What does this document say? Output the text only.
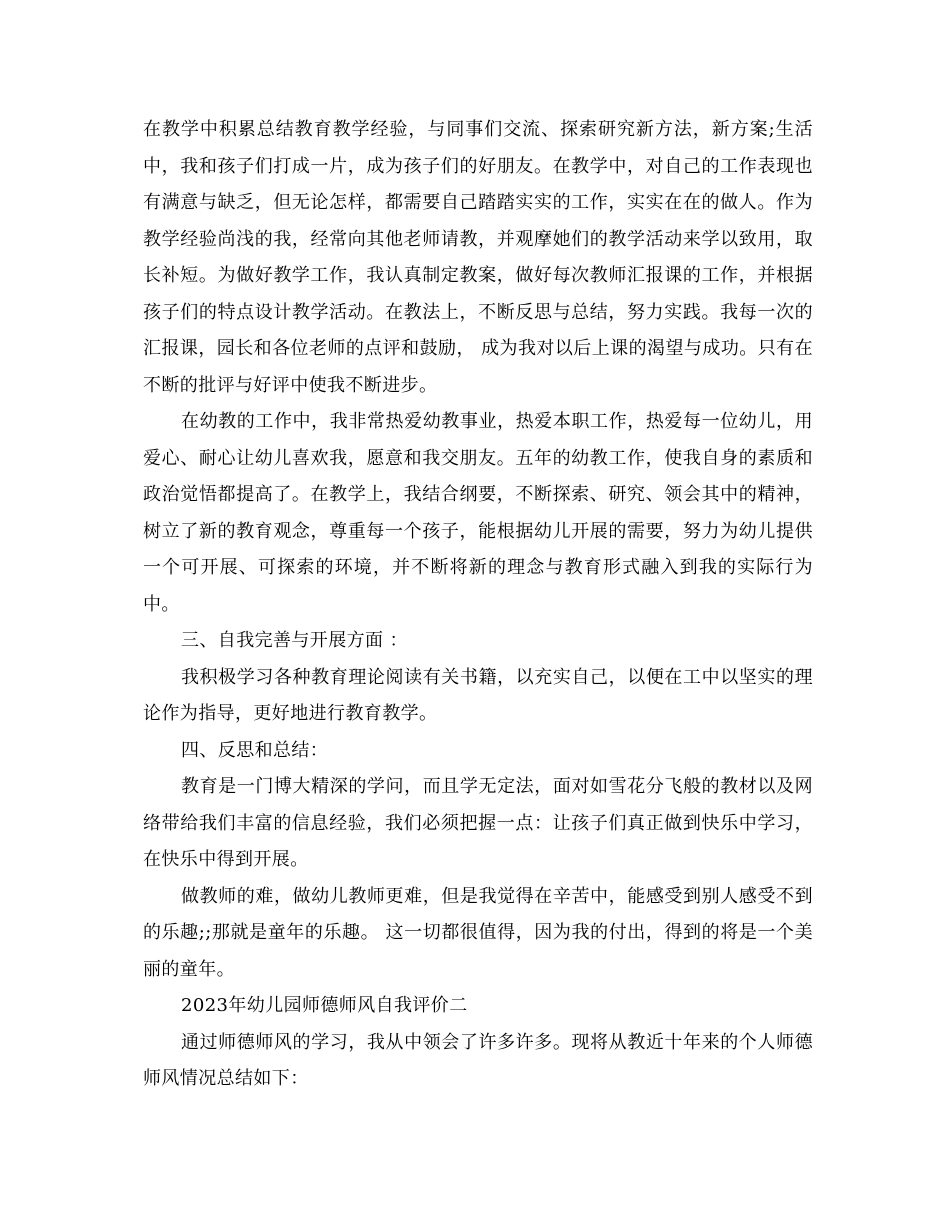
在教学中积累总结教育教学经验，与同事们交流、探索研究新方法，新方案;生活中，我和孩子们打成一片，成为孩子们的好朋友。在教学中，对自己的工作表现也有满意与缺乏，但无论怎样，都需要自己踏踏实实的工作，实实在在的做人。作为教学经验尚浅的我，经常向其他老师请教，并观摩她们的教学活动来学以致用，取长补短。为做好教学工作，我认真制定教案，做好每次教师汇报课的工作，并根据孩子们的特点设计教学活动。在教法上，不断反思与总结，努力实践。我每一次的汇报课，园长和各位老师的点评和鼓励， 成为我对以后上课的渴望与成功。只有在不断的批评与好评中使我不断进步。

在幼教的工作中，我非常热爱幼教事业，热爱本职工作，热爱每一位幼儿，用爱心、耐心让幼儿喜欢我，愿意和我交朋友。五年的幼教工作，使我自身的素质和政治觉悟都提高了。在教学上，我结合纲要，不断探索、研究、领会其中的精神，树立了新的教育观念，尊重每一个孩子，能根据幼儿开展的需要，努力为幼儿提供一个可开展、可探索的环境，并不断将新的理念与教育形式融入到我的实际行为中。

三、自我完善与开展方面 ：

我积极学习各种教育理论阅读有关书籍，以充实自己，以便在工中以坚实的理论作为指导，更好地进行教育教学。

四、反思和总结：

教育是一门博大精深的学问，而且学无定法，面对如雪花分飞般的教材以及网络带给我们丰富的信息经验，我们必须把握一点：让孩子们真正做到快乐中学习，在快乐中得到开展。

做教师的难，做幼儿教师更难，但是我觉得在辛苦中，能感受到别人感受不到的乐趣;;那就是童年的乐趣。 这一切都很值得，因为我的付出，得到的将是一个美丽的童年。

2023年幼儿园师德师风自我评价二

通过师德师风的学习，我从中领会了许多许多。现将从教近十年来的个人师德师风情况总结如下：
